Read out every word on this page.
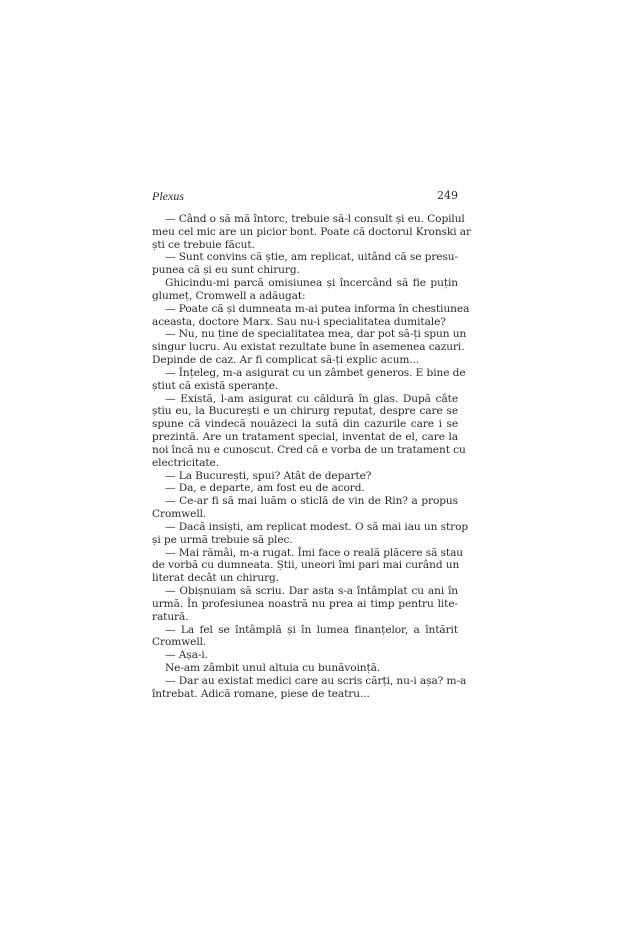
Plexus	249
— Când o să mă întorc, trebuie să-l consult și eu. Copilul
meu cel mic are un picior bont. Poate că doctorul Kronski ar
ști ce trebuie făcut.
— Sunt convins că știe, am replicat, uitând că se presu-
punea că și eu sunt chirurg.
Ghicindu-mi parcă omisiunea și încercând să fie puțin
glumeț, Cromwell a adăugat:
— Poate că și dumneata m-ai putea informa în chestiunea
aceasta, doctore Marx. Sau nu-i specialitatea dumitale?
— Nu, nu ține de specialitatea mea, dar pot să-ți spun un
singur lucru. Au existat rezultate bune în asemenea cazuri.
Depinde de caz. Ar fi complicat să-ți explic acum...
— Înțeleg, m-a asigurat cu un zâmbet generos. E bine de
știut că există speranțe.
— Există, l-am asigurat cu căldură în glas. După câte
știu eu, la București e un chirurg reputat, despre care se
spune că vindecă nouăzeci la sută din cazurile care i se
prezintă. Are un tratament special, inventat de el, care la
noi încă nu e cunoscut. Cred că e vorba de un tratament cu
electricitate.
— La București, spui? Atât de departe?
— Da, e departe, am fost eu de acord.
— Ce-ar fi să mai luăm o sticlă de vin de Rin? a propus
Cromwell.
— Dacă insiști, am replicat modest. O să mai iau un strop
și pe urmă trebuie să plec.
— Mai rămâi, m-a rugat. Îmi face o reală plăcere să stau
de vorbă cu dumneata. Știi, uneori îmi pari mai curând un
literat decât un chirurg.
— Obișnuiam să scriu. Dar asta s-a întâmplat cu ani în
urmă. În profesiunea noastră nu prea ai timp pentru lite-
ratură.
— La fel se întâmplă și în lumea finanțelor, a întărit
Cromwell.
— Așa-i.
Ne-am zâmbit unul altuia cu bunăvoință.
— Dar au existat medici care au scris cărți, nu-i așa? m-a
întrebat. Adică romane, piese de teatru...
